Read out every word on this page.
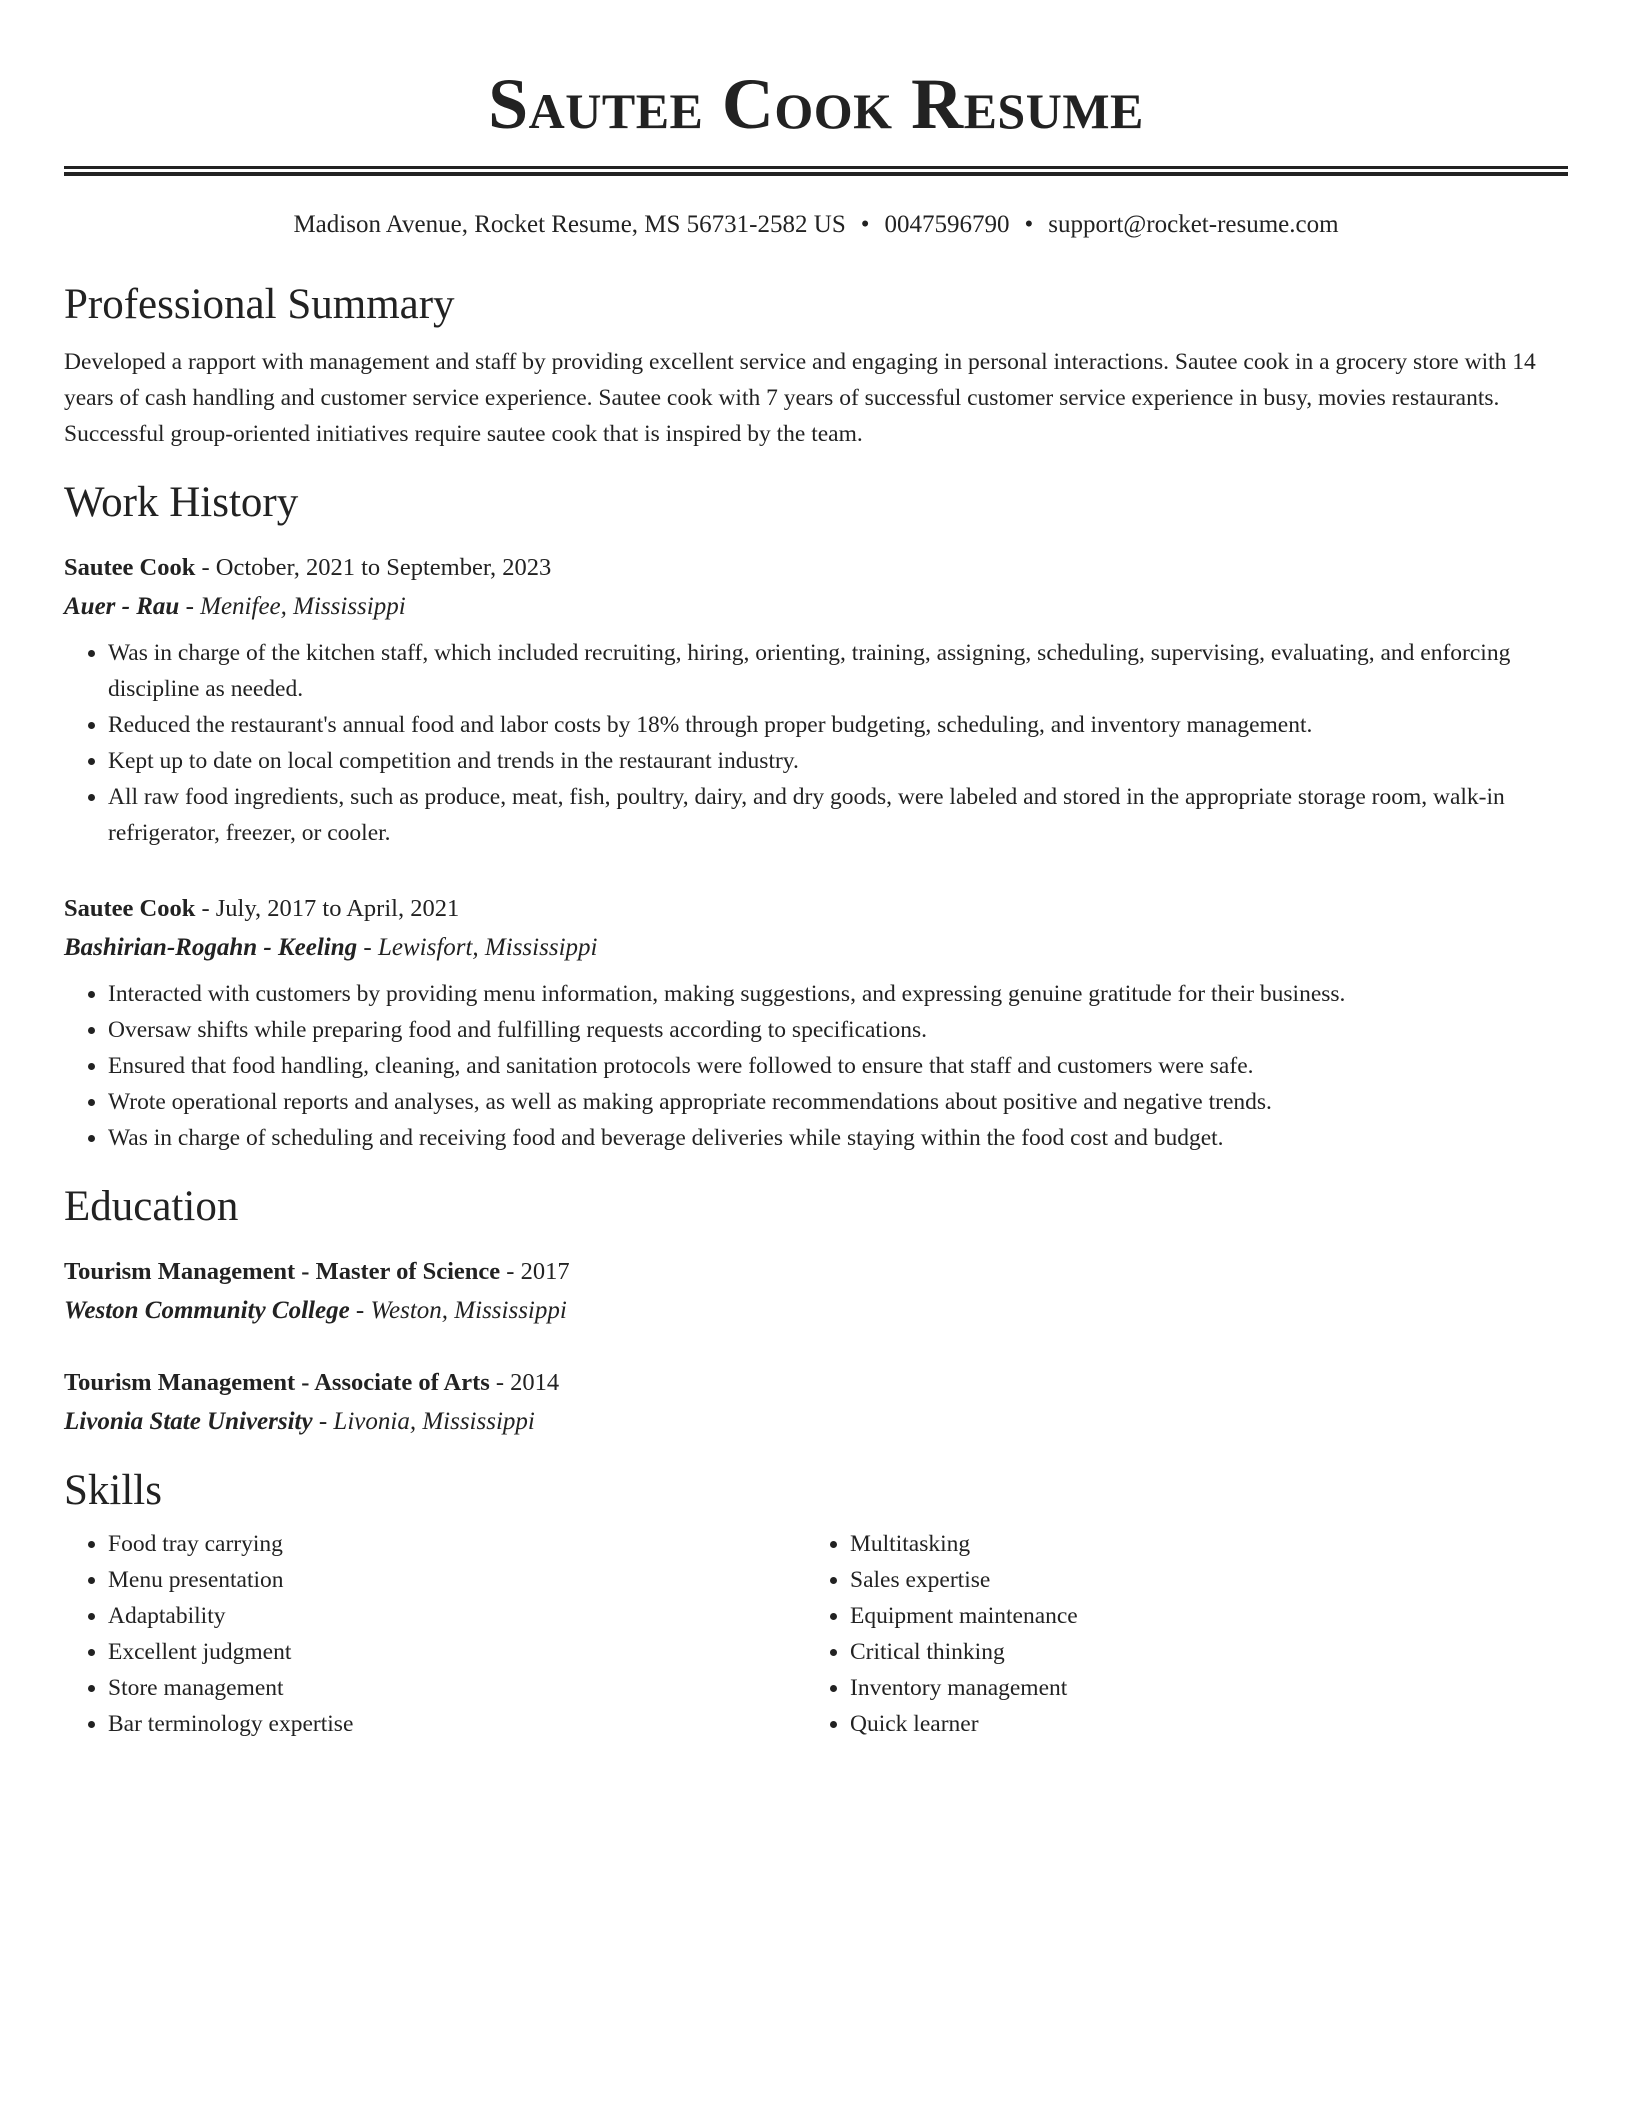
Sautee Cook Resume
Madison Avenue, Rocket Resume, MS 56731-2582 US • 0047596790 • support@rocket-resume.com
Professional Summary

Developed a rapport with management and staff by providing excellent service and engaging in personal interactions. Sautee cook in a grocery store with 14 years of cash handling and customer service experience. Sautee cook with 7 years of successful customer service experience in busy, movies restaurants. Successful group-oriented initiatives require sautee cook that is inspired by the team.

Work History
Sautee Cook - October, 2021 to September, 2023
Auer - Rau - Menifee, Mississippi
• Was in charge of the kitchen staff, which included recruiting, hiring, orienting, training, assigning, scheduling, supervising, evaluating, and enforcing discipline as needed.
• Reduced the restaurant's annual food and labor costs by 18% through proper budgeting, scheduling, and inventory management.
• Kept up to date on local competition and trends in the restaurant industry.
• All raw food ingredients, such as produce, meat, fish, poultry, dairy, and dry goods, were labeled and stored in the appropriate storage room, walk-in refrigerator, freezer, or cooler.
Sautee Cook - July, 2017 to April, 2021
Bashirian-Rogahn - Keeling - Lewisfort, Mississippi
• Interacted with customers by providing menu information, making suggestions, and expressing genuine gratitude for their business.
• Oversaw shifts while preparing food and fulfilling requests according to specifications.
• Ensured that food handling, cleaning, and sanitation protocols were followed to ensure that staff and customers were safe.
• Wrote operational reports and analyses, as well as making appropriate recommendations about positive and negative trends.
• Was in charge of scheduling and receiving food and beverage deliveries while staying within the food cost and budget.
Education
Tourism Management - Master of Science - 2017
Weston Community College - Weston, Mississippi
Tourism Management - Associate of Arts - 2014
Livonia State University - Livonia, Mississippi
Skills
• Food tray carrying
• Menu presentation
• Adaptability
• Excellent judgment
• Store management
• Bar terminology expertise
• Multitasking
• Sales expertise
• Equipment maintenance
• Critical thinking
• Inventory management
• Quick learner
